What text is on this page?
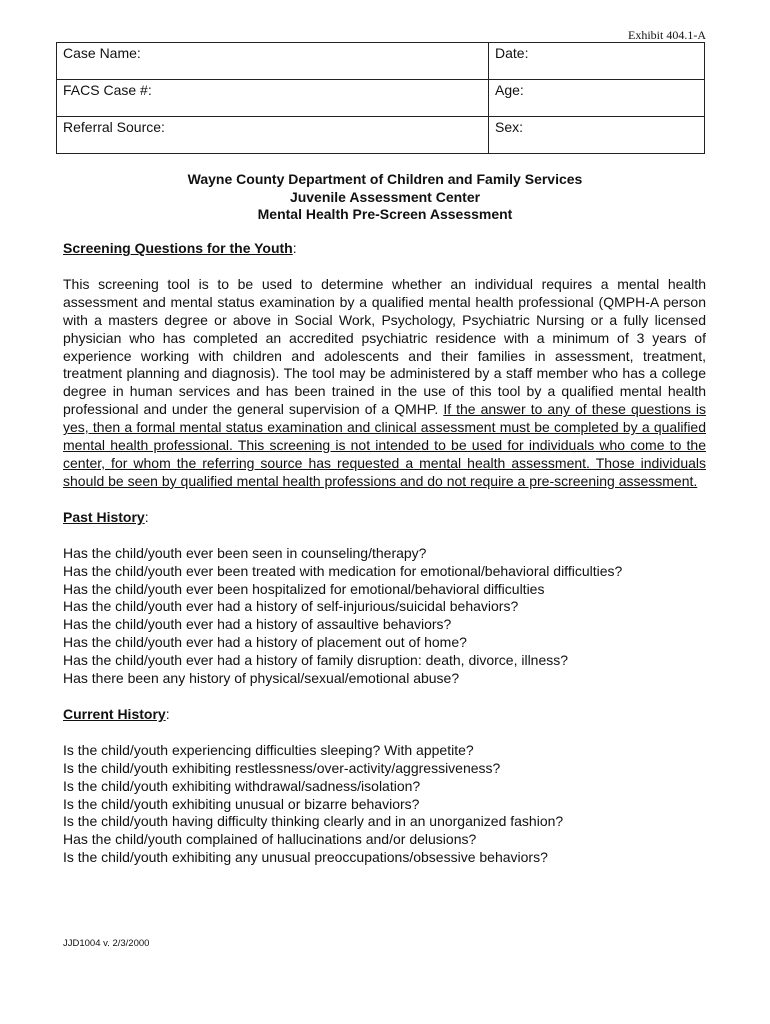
Exhibit 404.1-A
Case Name:	Date:
FACS Case #:	Age:
Referral Source:	Sex:
Wayne County Department of Children and Family Services
Juvenile Assessment Center
Mental Health Pre-Screen Assessment
Screening Questions for the Youth:
This screening tool is to be used to determine whether an individual requires a mental health assessment and mental status examination by a qualified mental health professional (QMPH-A person with a masters degree or above in Social Work, Psychology, Psychiatric Nursing or a fully licensed physician who has completed an accredited psychiatric residence with a minimum of 3 years of experience working with children and adolescents and their families in assessment, treatment, treatment planning and diagnosis). The tool may be administered by a staff member who has a college degree in human services and has been trained in the use of this tool by a qualified mental health professional and under the general supervision of a QMHP. If the answer to any of these questions is yes, then a formal mental status examination and clinical assessment must be completed by a qualified mental health professional. This screening is not intended to be used for individuals who come to the center, for whom the referring source has requested a mental health assessment. Those individuals should be seen by qualified mental health professions and do not require a pre-screening assessment.
Past History:
Has the child/youth ever been seen in counseling/therapy?
Has the child/youth ever been treated with medication for emotional/behavioral difficulties?
Has the child/youth ever been hospitalized for emotional/behavioral difficulties
Has the child/youth ever had a history of self-injurious/suicidal behaviors?
Has the child/youth ever had a history of assaultive behaviors?
Has the child/youth ever had a history of placement out of home?
Has the child/youth ever had a history of family disruption: death, divorce, illness?
Has there been any history of physical/sexual/emotional abuse?
Current History:
Is the child/youth experiencing difficulties sleeping? With appetite?
Is the child/youth exhibiting restlessness/over-activity/aggressiveness?
Is the child/youth exhibiting withdrawal/sadness/isolation?
Is the child/youth exhibiting unusual or bizarre behaviors?
Is the child/youth having difficulty thinking clearly and in an unorganized fashion?
Has the child/youth complained of hallucinations and/or delusions?
Is the child/youth exhibiting any unusual preoccupations/obsessive behaviors?
JJD1004 v. 2/3/2000
